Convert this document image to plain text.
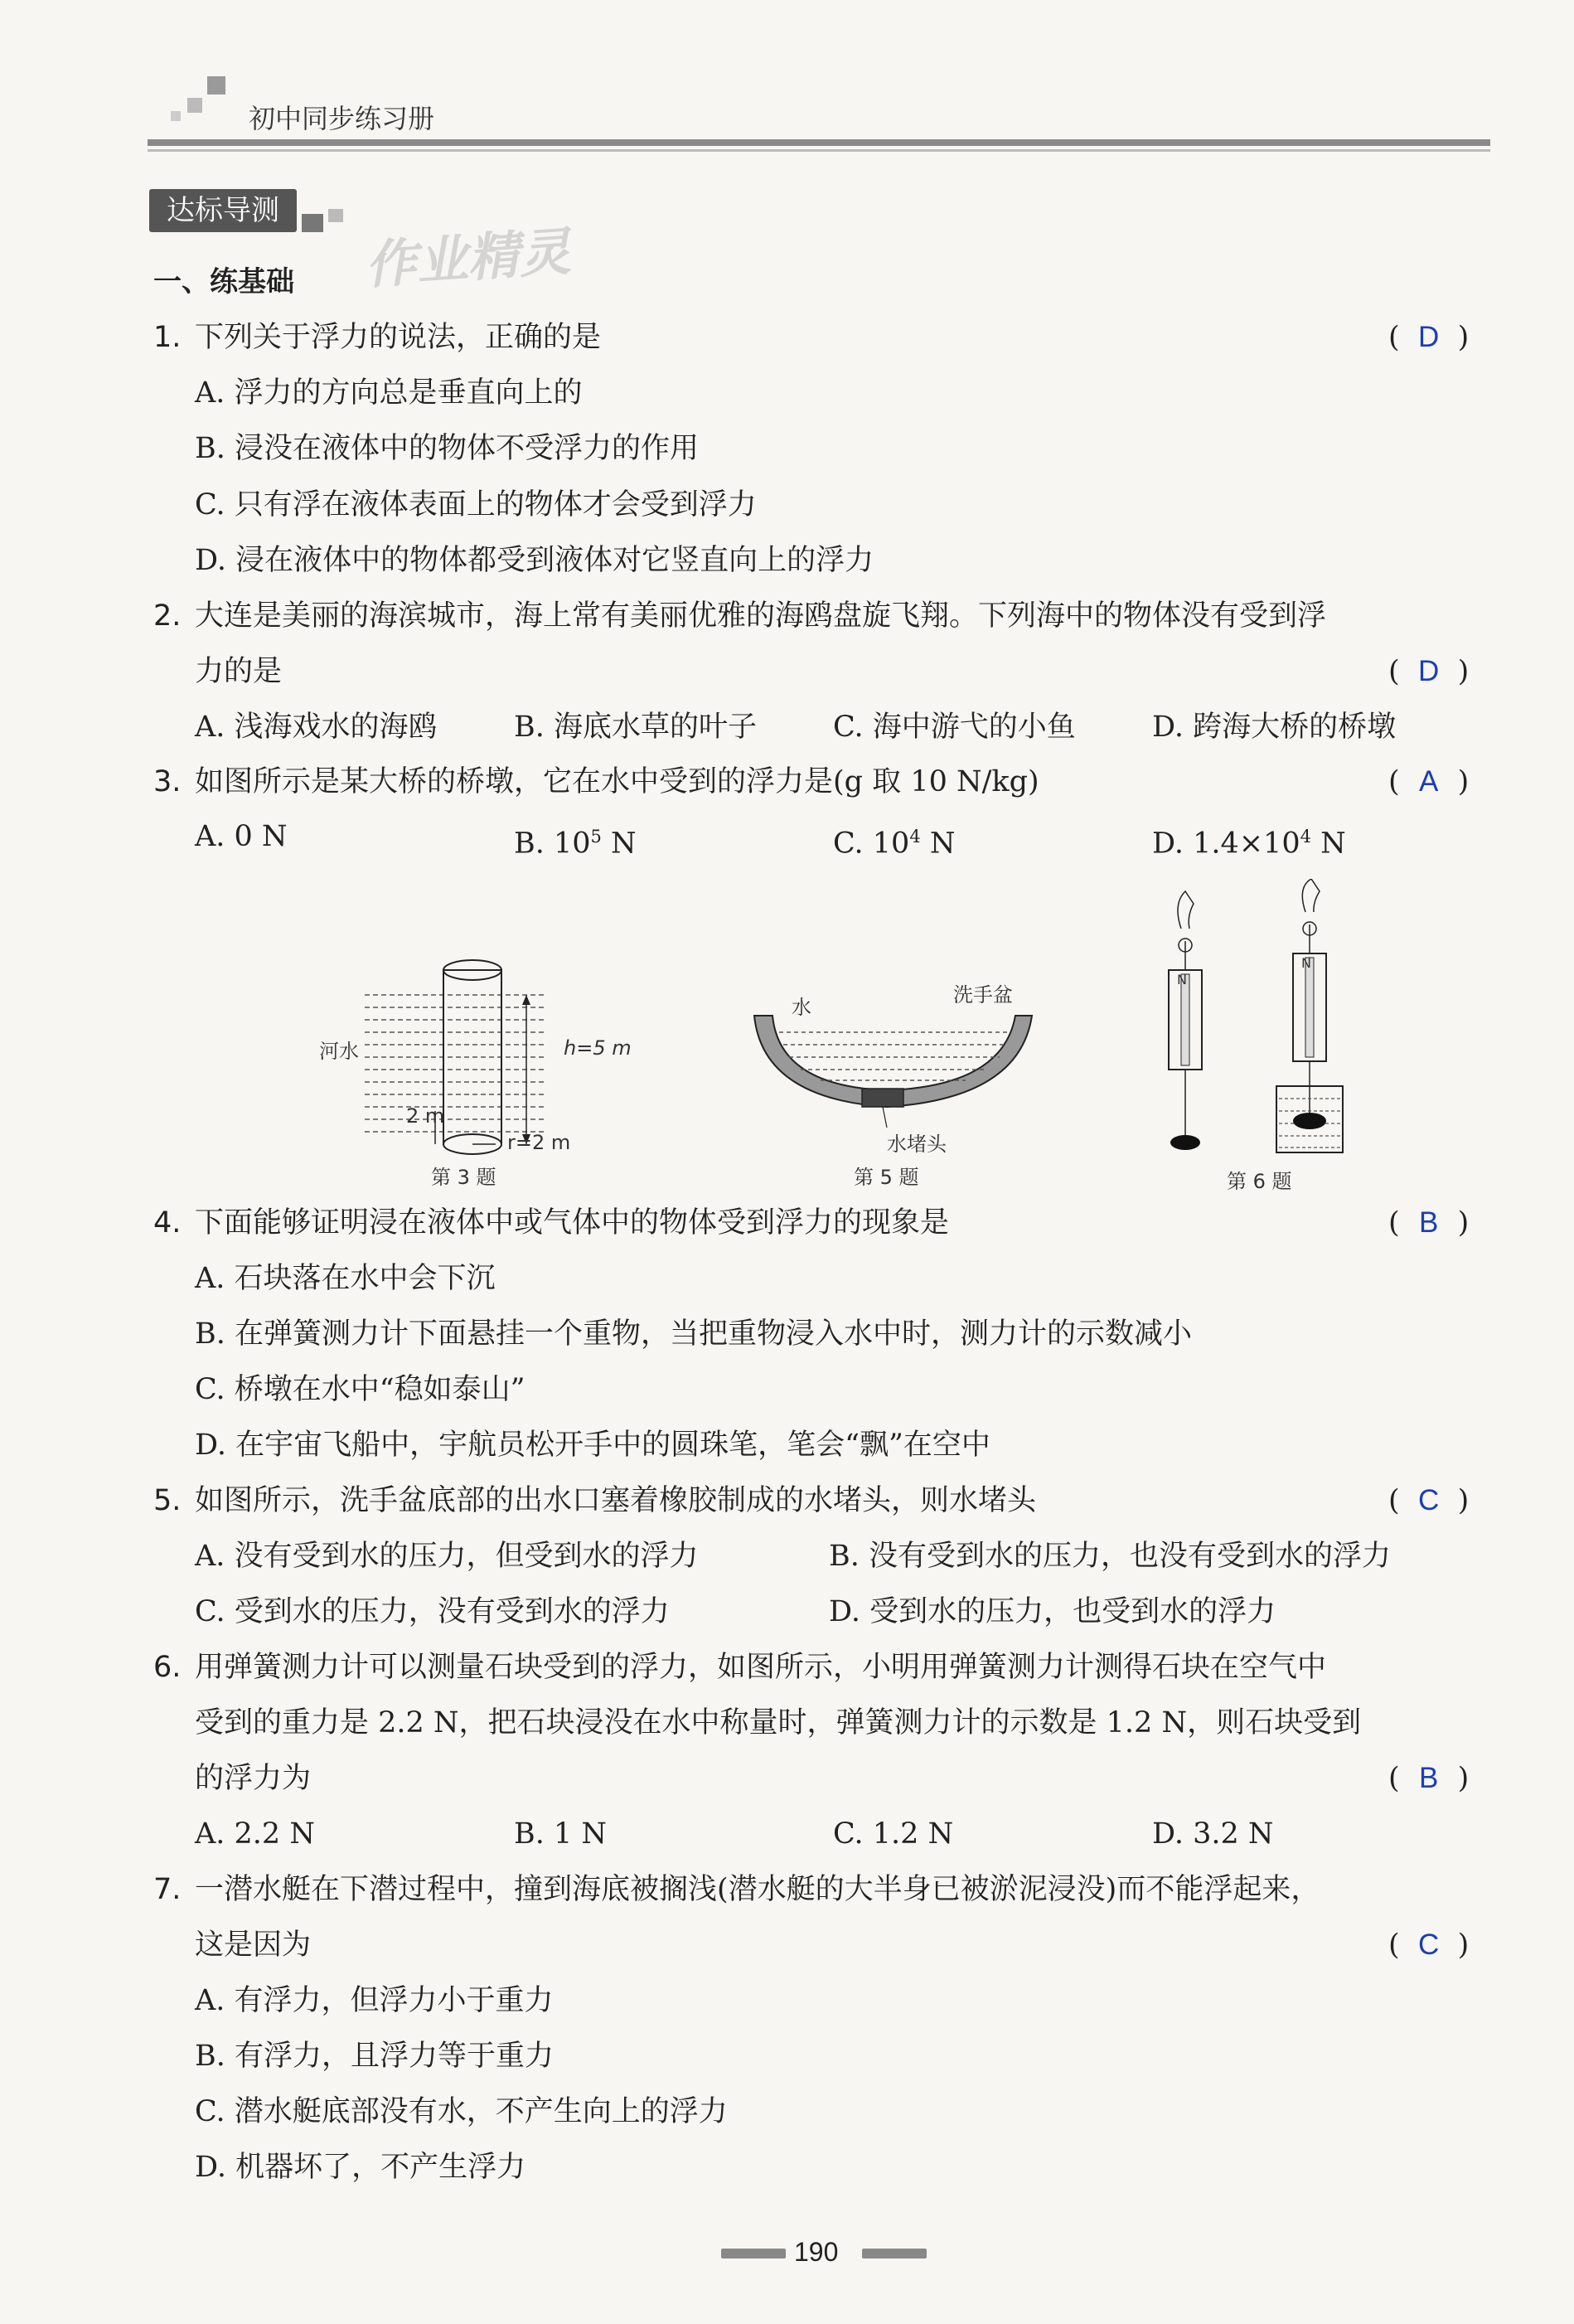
初中同步练习册
达标导测
作业精灵
一、练基础
1. 下列关于浮力的说法，正确的是	( D )
A. 浮力的方向总是垂直向上的
B. 浸没在液体中的物体不受浮力的作用
C. 只有浮在液体表面上的物体才会受到浮力
D. 浸在液体中的物体都受到液体对它竖直向上的浮力
2. 大连是美丽的海滨城市，海上常有美丽优雅的海鸥盘旋飞翔。下列海中的物体没有受到浮
力的是	( D )
A. 浅海戏水的海鸥	B. 海底水草的叶子	C. 海中游弋的小鱼	D. 跨海大桥的桥墩
3. 如图所示是某大桥的桥墩，它在水中受到的浮力是(g 取 10 N/kg)	( A )
A. 0 N	B. $10^5$ N	C. $10^4$ N	D. $1.4\times 10^4$ N
河水	h=5 m
2 m
r=2 m
第 3 题
水
洗手盆
水堵头
第 5 题
N
N
第 6 题
4. 下面能够证明浸在液体中或气体中的物体受到浮力的现象是	( B )
A. 石块落在水中会下沉
B. 在弹簧测力计下面悬挂一个重物，当把重物浸入水中时，测力计的示数减小
C. 桥墩在水中“稳如泰山”
D. 在宇宙飞船中，宇航员松开手中的圆珠笔，笔会“飘”在空中
5. 如图所示，洗手盆底部的出水口塞着橡胶制成的水堵头，则水堵头	( C )
A. 没有受到水的压力，但受到水的浮力	B. 没有受到水的压力，也没有受到水的浮力
C. 受到水的压力，没有受到水的浮力	D. 受到水的压力，也受到水的浮力
6. 用弹簧测力计可以测量石块受到的浮力，如图所示，小明用弹簧测力计测得石块在空气中
受到的重力是 2.2 N，把石块浸没在水中称量时，弹簧测力计的示数是 1.2 N，则石块受到
的浮力为	( B )
A. 2.2 N	B. 1 N	C. 1.2 N	D. 3.2 N
7. 一潜水艇在下潜过程中，撞到海底被搁浅(潜水艇的大半身已被淤泥浸没)而不能浮起来，
这是因为	( C )
A. 有浮力，但浮力小于重力
B. 有浮力，且浮力等于重力
C. 潜水艇底部没有水，不产生向上的浮力
D. 机器坏了，不产生浮力
190
